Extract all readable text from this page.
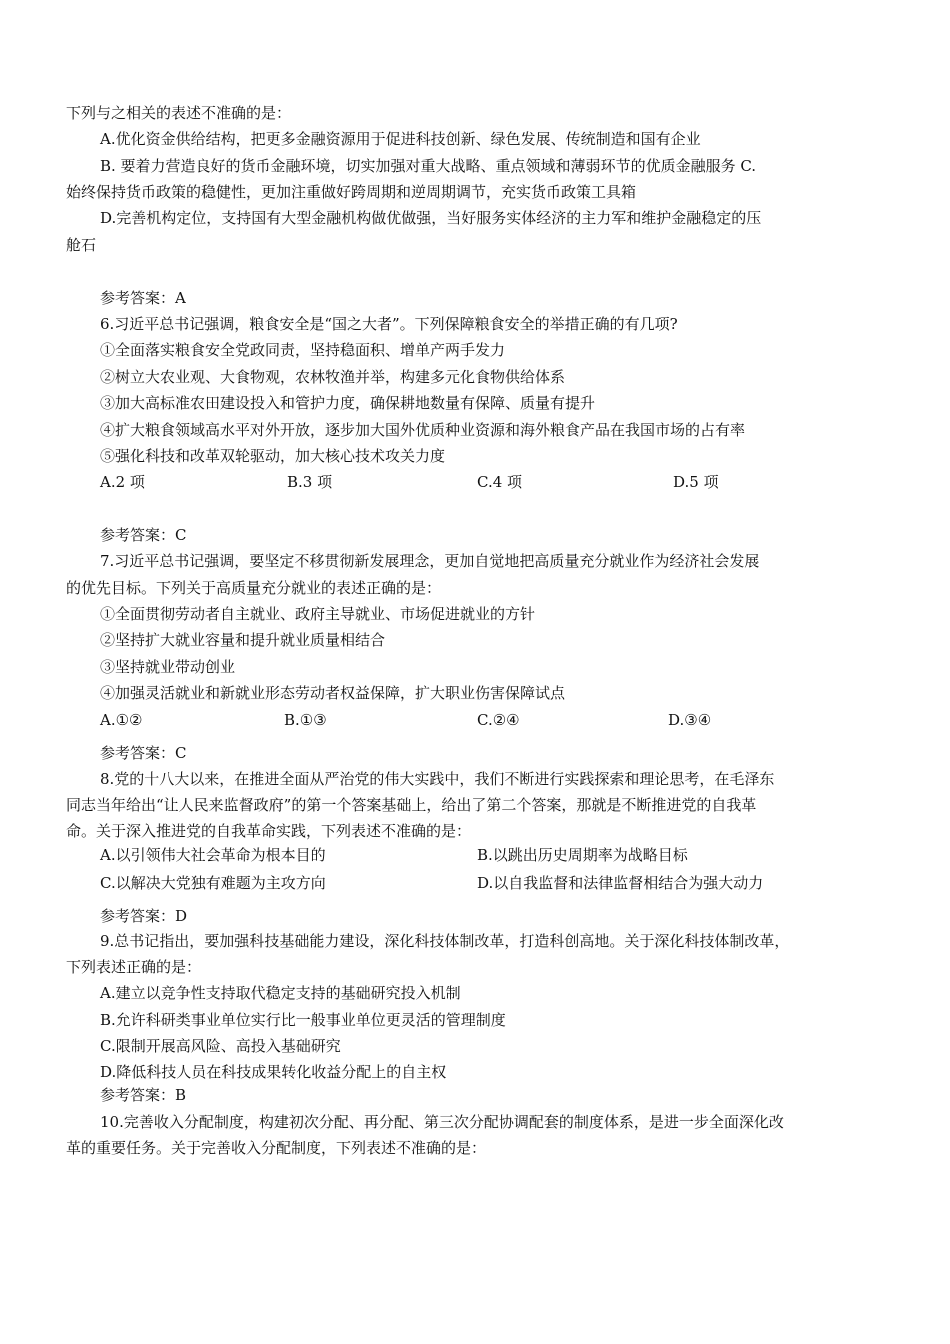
下列与之相关的表述不准确的是：
A.优化资金供给结构，把更多金融资源用于促进科技创新、绿色发展、传统制造和国有企业
B. 要着力营造良好的货币金融环境，切实加强对重大战略、重点领域和薄弱环节的优质金融服务 C.
始终保持货币政策的稳健性，更加注重做好跨周期和逆周期调节，充实货币政策工具箱
D.完善机构定位，支持国有大型金融机构做优做强，当好服务实体经济的主力军和维护金融稳定的压
舱石
参考答案：A
6.习近平总书记强调，粮食安全是“国之大者”。下列保障粮食安全的举措正确的有几项?
①全面落实粮食安全党政同责，坚持稳面积、增单产两手发力
②树立大农业观、大食物观，农林牧渔并举，构建多元化食物供给体系
③加大高标准农田建设投入和管护力度，确保耕地数量有保障、质量有提升
④扩大粮食领域高水平对外开放，逐步加大国外优质种业资源和海外粮食产品在我国市场的占有率
⑤强化科技和改革双轮驱动，加大核心技术攻关力度
A.2 项	B.3 项	C.4 项	D.5 项
参考答案：C
7.习近平总书记强调，要坚定不移贯彻新发展理念，更加自觉地把高质量充分就业作为经济社会发展
的优先目标。下列关于高质量充分就业的表述正确的是：
①全面贯彻劳动者自主就业、政府主导就业、市场促进就业的方针
②坚持扩大就业容量和提升就业质量相结合
③坚持就业带动创业
④加强灵活就业和新就业形态劳动者权益保障，扩大职业伤害保障试点
A.①②	B.①③	C.②④	D.③④
参考答案：C
8.党的十八大以来，在推进全面从严治党的伟大实践中，我们不断进行实践探索和理论思考，在毛泽东
同志当年给出“让人民来监督政府”的第一个答案基础上，给出了第二个答案，那就是不断推进党的自我革
命。关于深入推进党的自我革命实践，下列表述不准确的是：
A.以引领伟大社会革命为根本目的	B.以跳出历史周期率为战略目标
C.以解决大党独有难题为主攻方向	D.以自我监督和法律监督相结合为强大动力
参考答案：D
9.总书记指出，要加强科技基础能力建设，深化科技体制改革，打造科创高地。关于深化科技体制改革，
下列表述正确的是：
A.建立以竞争性支持取代稳定支持的基础研究投入机制
B.允许科研类事业单位实行比一般事业单位更灵活的管理制度
C.限制开展高风险、高投入基础研究
D.降低科技人员在科技成果转化收益分配上的自主权
参考答案：B
10.完善收入分配制度，构建初次分配、再分配、第三次分配协调配套的制度体系，是进一步全面深化改
革的重要任务。关于完善收入分配制度，下列表述不准确的是：
